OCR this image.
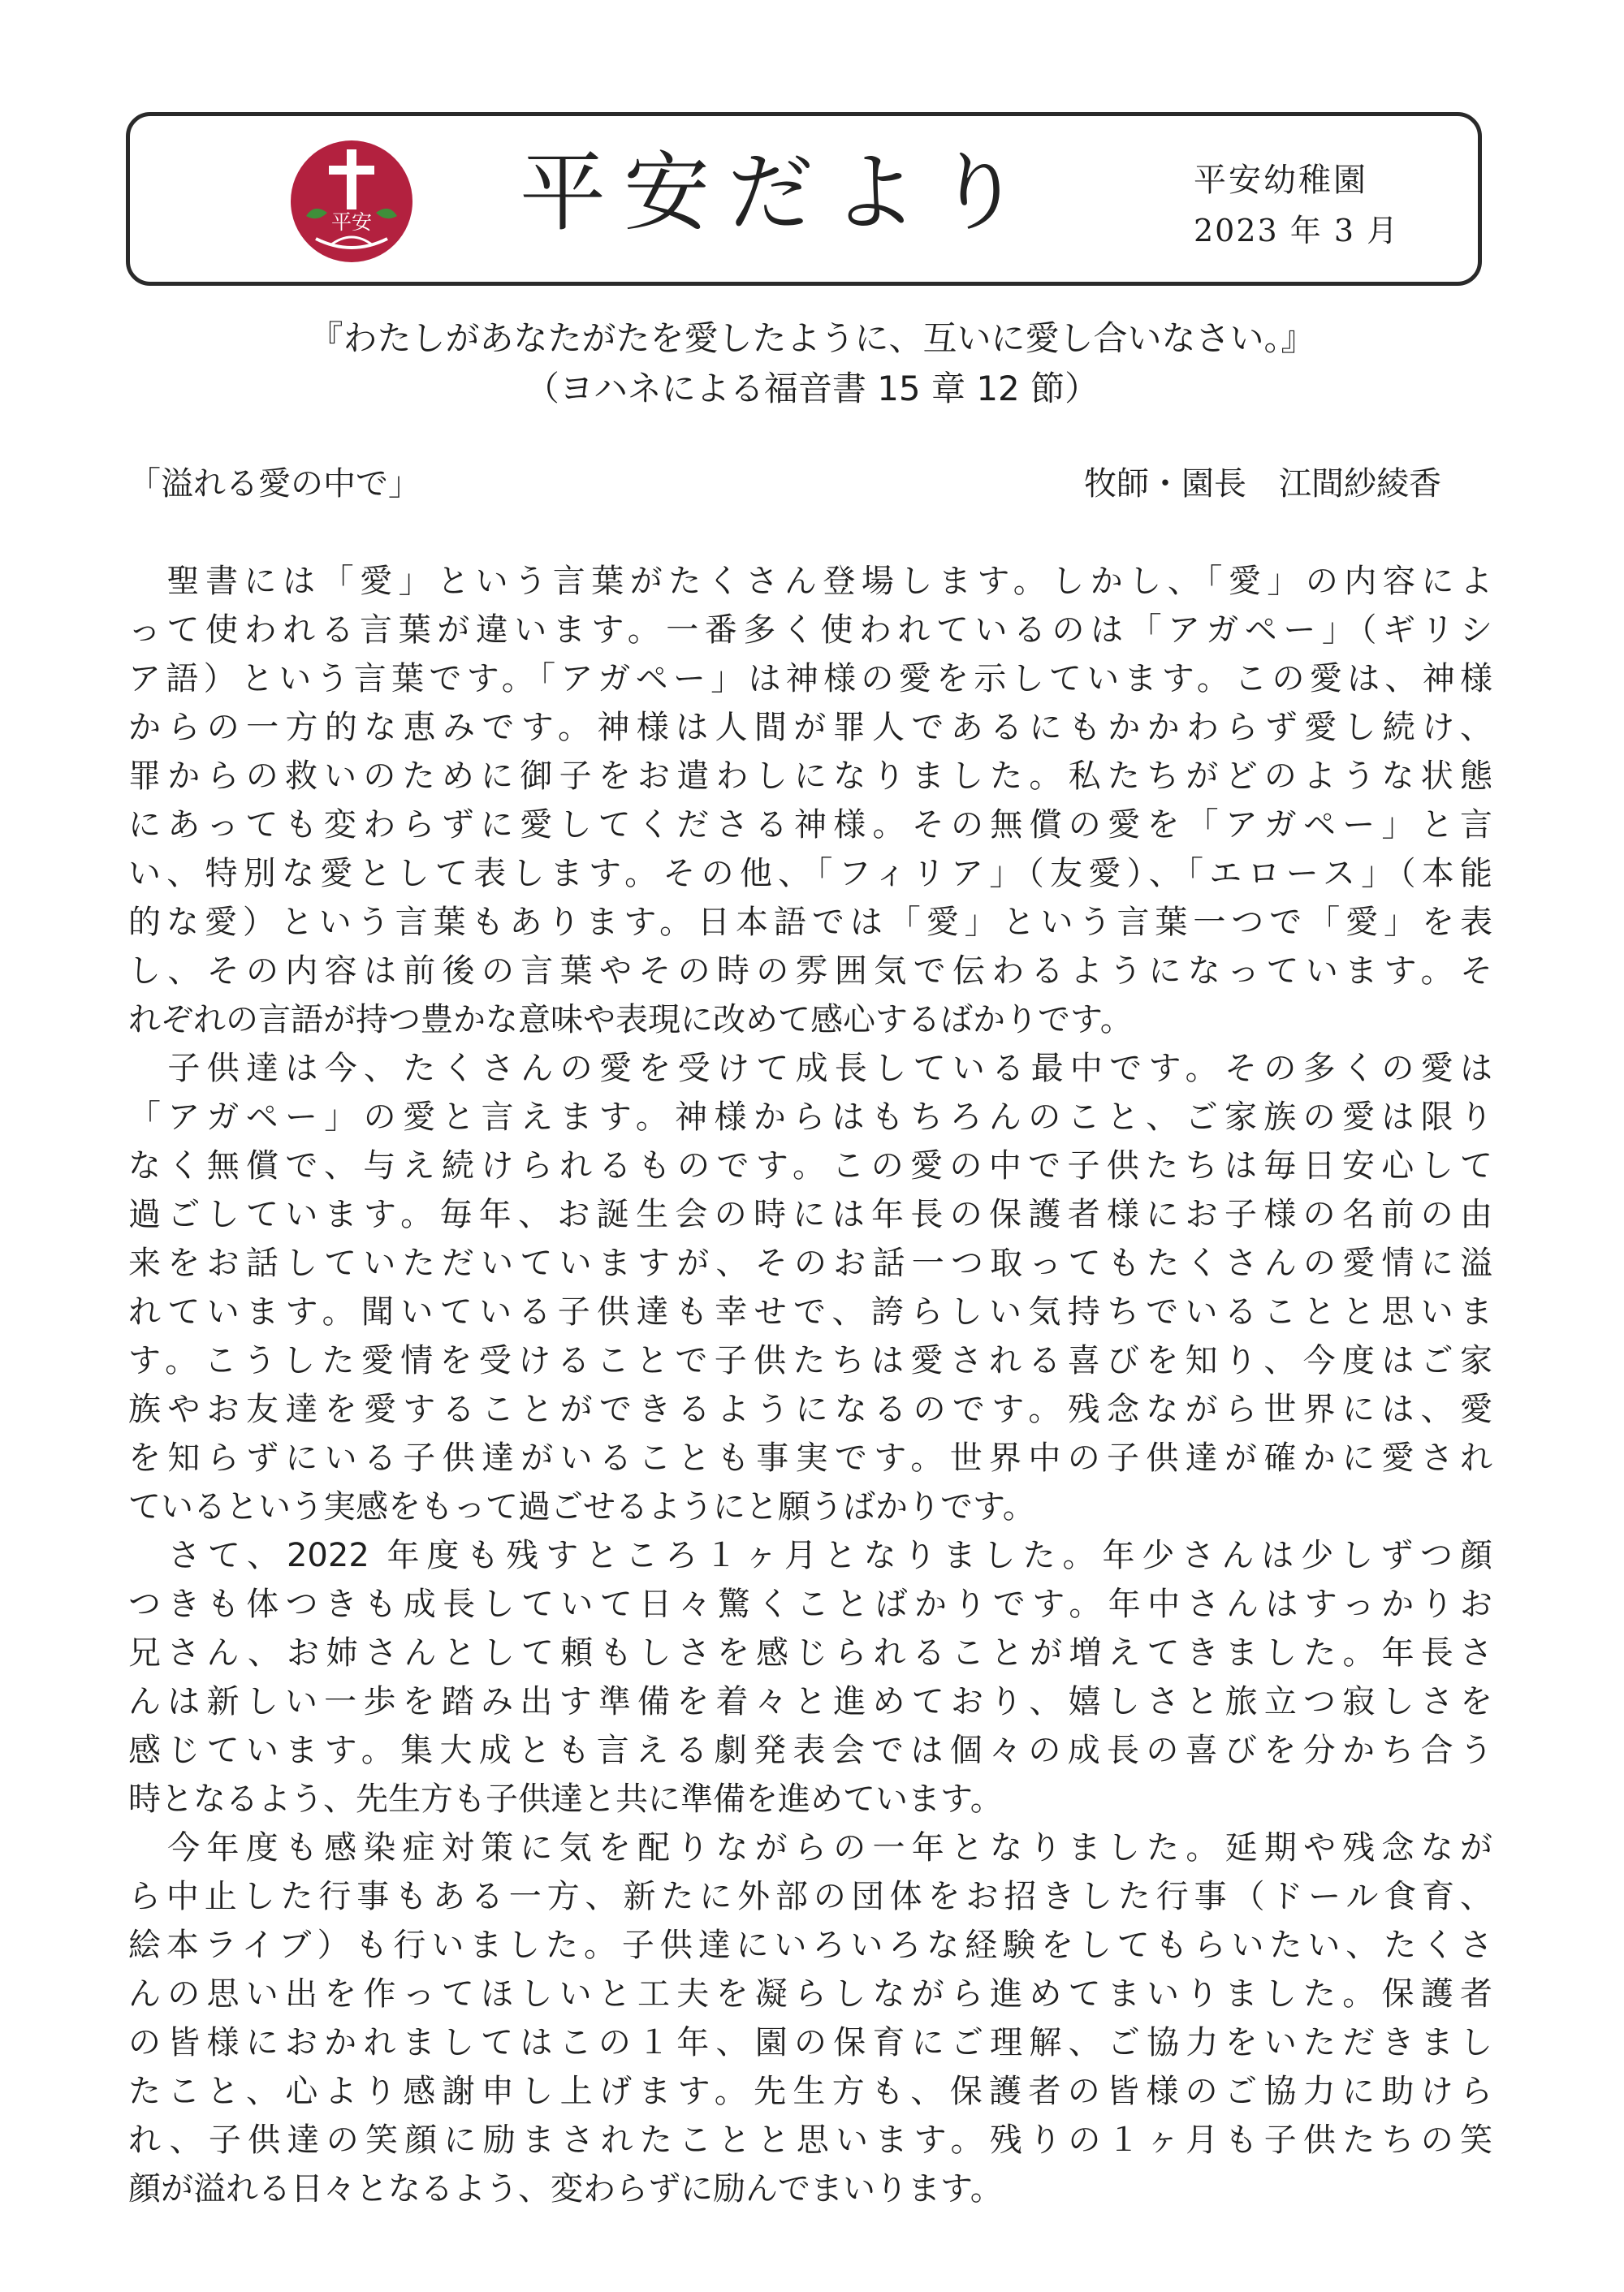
平安 平安だより	平安幼稚園
2023 年 3 月
『わたしがあなたがたを愛したように、互いに愛し合いなさい。』
（ヨハネによる福音書 15 章 12 節）
「溢れる愛の中で」	牧師・園長　江間紗綾香
　聖書には「愛」という言葉がたくさん登場します。しかし、「愛」の内容によ
って使われる言葉が違います。一番多く使われているのは「アガペー」（ギリシ
ア語）という言葉です。「アガペー」は神様の愛を示しています。この愛は、神様
からの一方的な恵みです。神様は人間が罪人であるにもかかわらず愛し続け、
罪からの救いのために御子をお遣わしになりました。私たちがどのような状態
にあっても変わらずに愛してくださる神様。その無償の愛を「アガペー」と言
い、特別な愛として表します。その他、「フィリア」（友愛）、「エロース」（本能
的な愛）という言葉もあります。日本語では「愛」という言葉一つで「愛」を表
し、その内容は前後の言葉やその時の雰囲気で伝わるようになっています。そ
れぞれの言語が持つ豊かな意味や表現に改めて感心するばかりです。
　子供達は今、たくさんの愛を受けて成長している最中です。その多くの愛は
「アガペー」の愛と言えます。神様からはもちろんのこと、ご家族の愛は限り
なく無償で、与え続けられるものです。この愛の中で子供たちは毎日安心して
過ごしています。毎年、お誕生会の時には年長の保護者様にお子様の名前の由
来をお話していただいていますが、そのお話一つ取ってもたくさんの愛情に溢
れています。聞いている子供達も幸せで、誇らしい気持ちでいることと思いま
す。こうした愛情を受けることで子供たちは愛される喜びを知り、今度はご家
族やお友達を愛することができるようになるのです。残念ながら世界には、愛
を知らずにいる子供達がいることも事実です。世界中の子供達が確かに愛され
ているという実感をもって過ごせるようにと願うばかりです。
　さて、2022 年度も残すところ１ヶ月となりました。年少さんは少しずつ顔
つきも体つきも成長していて日々驚くことばかりです。年中さんはすっかりお
兄さん、お姉さんとして頼もしさを感じられることが増えてきました。年長さ
んは新しい一歩を踏み出す準備を着々と進めており、嬉しさと旅立つ寂しさを
感じています。集大成とも言える劇発表会では個々の成長の喜びを分かち合う
時となるよう、先生方も子供達と共に準備を進めています。
　今年度も感染症対策に気を配りながらの一年となりました。延期や残念なが
ら中止した行事もある一方、新たに外部の団体をお招きした行事（ドール食育、
絵本ライブ）も行いました。子供達にいろいろな経験をしてもらいたい、たくさ
んの思い出を作ってほしいと工夫を凝らしながら進めてまいりました。保護者
の皆様におかれましてはこの１年、園の保育にご理解、ご協力をいただきまし
たこと、心より感謝申し上げます。先生方も、保護者の皆様のご協力に助けら
れ、子供達の笑顔に励まされたことと思います。残りの１ヶ月も子供たちの笑
顔が溢れる日々となるよう、変わらずに励んでまいります。
